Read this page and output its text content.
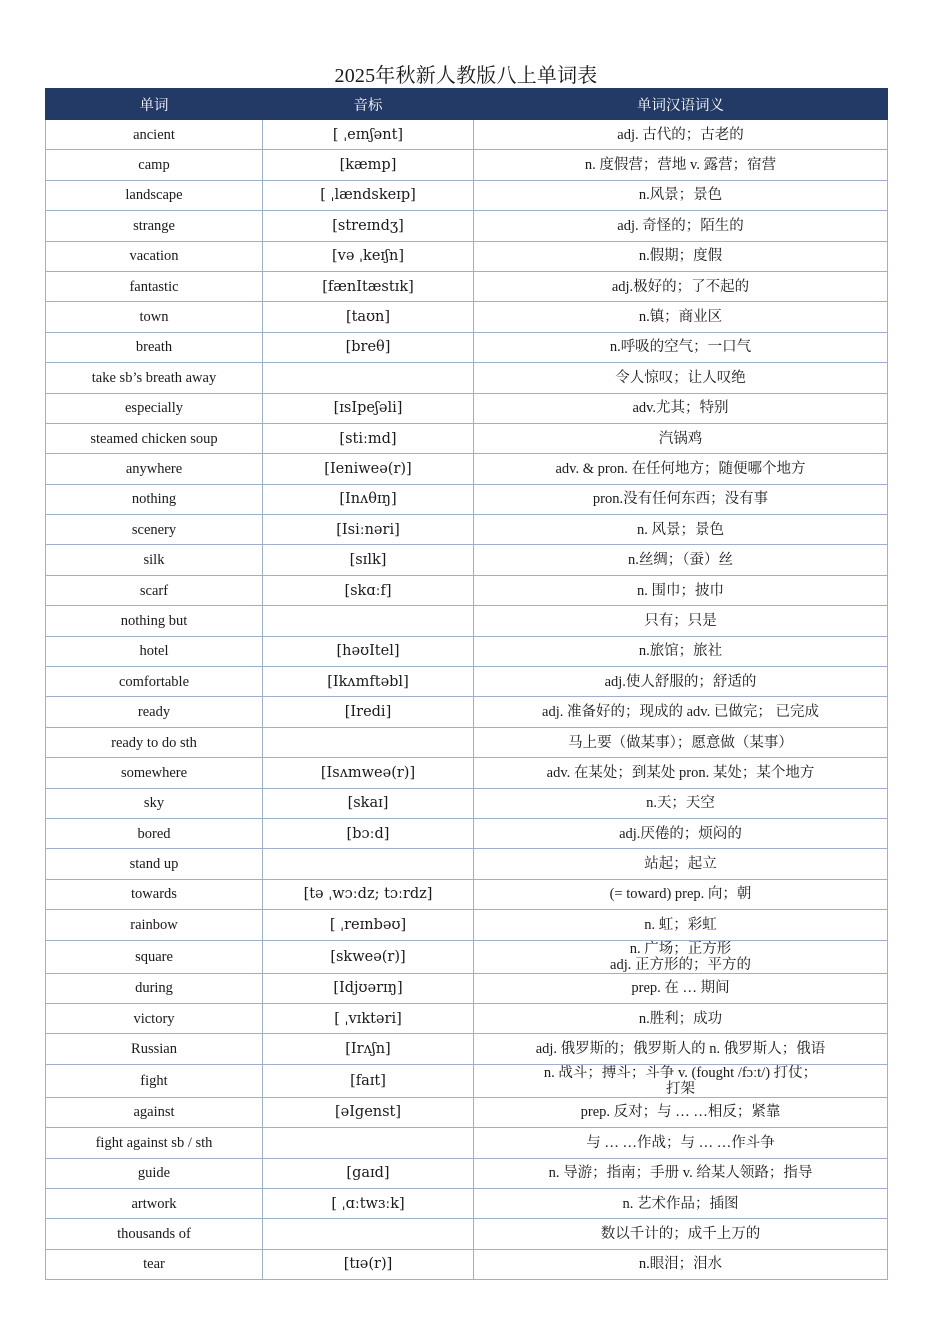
2025年秋新人教版八上单词表
单词	音标	单词汉语词义
ancient	[ ˌeɪnʃənt]	adj. 古代的；古老的
camp	[kæmp]	n. 度假营；营地 v. 露营；宿营
landscape	[ ˌlændskeɪp]	n.风景；景色
strange	[streɪndʒ]	adj. 奇怪的；陌生的
vacation	[və ˌkeɪʃn]	n.假期；度假
fantastic	[fænItæstɪk]	adj.极好的；了不起的
town	[taʊn]	n.镇；商业区
breath	[breθ]	n.呼吸的空气；一口气
take sb’s breath away		令人惊叹；让人叹绝
especially	[ɪsIpeʃəli]	adv.尤其；特别
steamed chicken soup	[stiːmd]	汽锅鸡
anywhere	[Ieniweə(r)]	adv. & pron. 在任何地方；随便哪个地方
nothing	[Inʌθɪŋ]	pron.没有任何东西；没有事
scenery	[Isiːnəri]	n. 风景；景色
silk	[sɪlk]	n.丝绸；（蚕）丝
scarf	[skɑːf]	n. 围巾；披巾
nothing but		只有；只是
hotel	[həʊItel]	n.旅馆；旅社
comfortable	[Ikʌmftəbl]	adj.使人舒服的；舒适的
ready	[Iredi]	adj. 准备好的；现成的 adv. 已做完； 已完成
ready to do sth		马上要（做某事）；愿意做（某事）
somewhere	[Isʌmweə(r)]	adv. 在某处；到某处 pron. 某处；某个地方
sky	[skaɪ]	n.天；天空
bored	[bɔːd]	adj.厌倦的；烦闷的
stand up		站起；起立
towards	[tə ˌwɔːdz; tɔːrdz]	(= toward) prep. 向；朝
rainbow	[ ˌreɪnbəʊ]	n. 虹；彩虹
square	[skweə(r)]	n. 广场；正方形
adj. 正方形的；平方的
during	[Idjʊərɪŋ]	prep. 在 … 期间
victory	[ ˌvɪktəri]	n.胜利；成功
Russian	[Irʌʃn]	adj. 俄罗斯的；俄罗斯人的 n. 俄罗斯人；俄语
fight	[faɪt]	n. 战斗；搏斗；斗争 v. (fought /fɔːt/) 打仗；
打架
against	[əIgenst]	prep. 反对；与 … …相反；紧靠
fight against sb / sth		与 … …作战；与 … …作斗争
guide	[gaɪd]	n. 导游；指南；手册 v. 给某人领路；指导
artwork	[ ˌɑːtwɜːk]	n. 艺术作品；插图
thousands of		数以千计的；成千上万的
tear	[tɪə(r)]	n.眼泪；泪水
